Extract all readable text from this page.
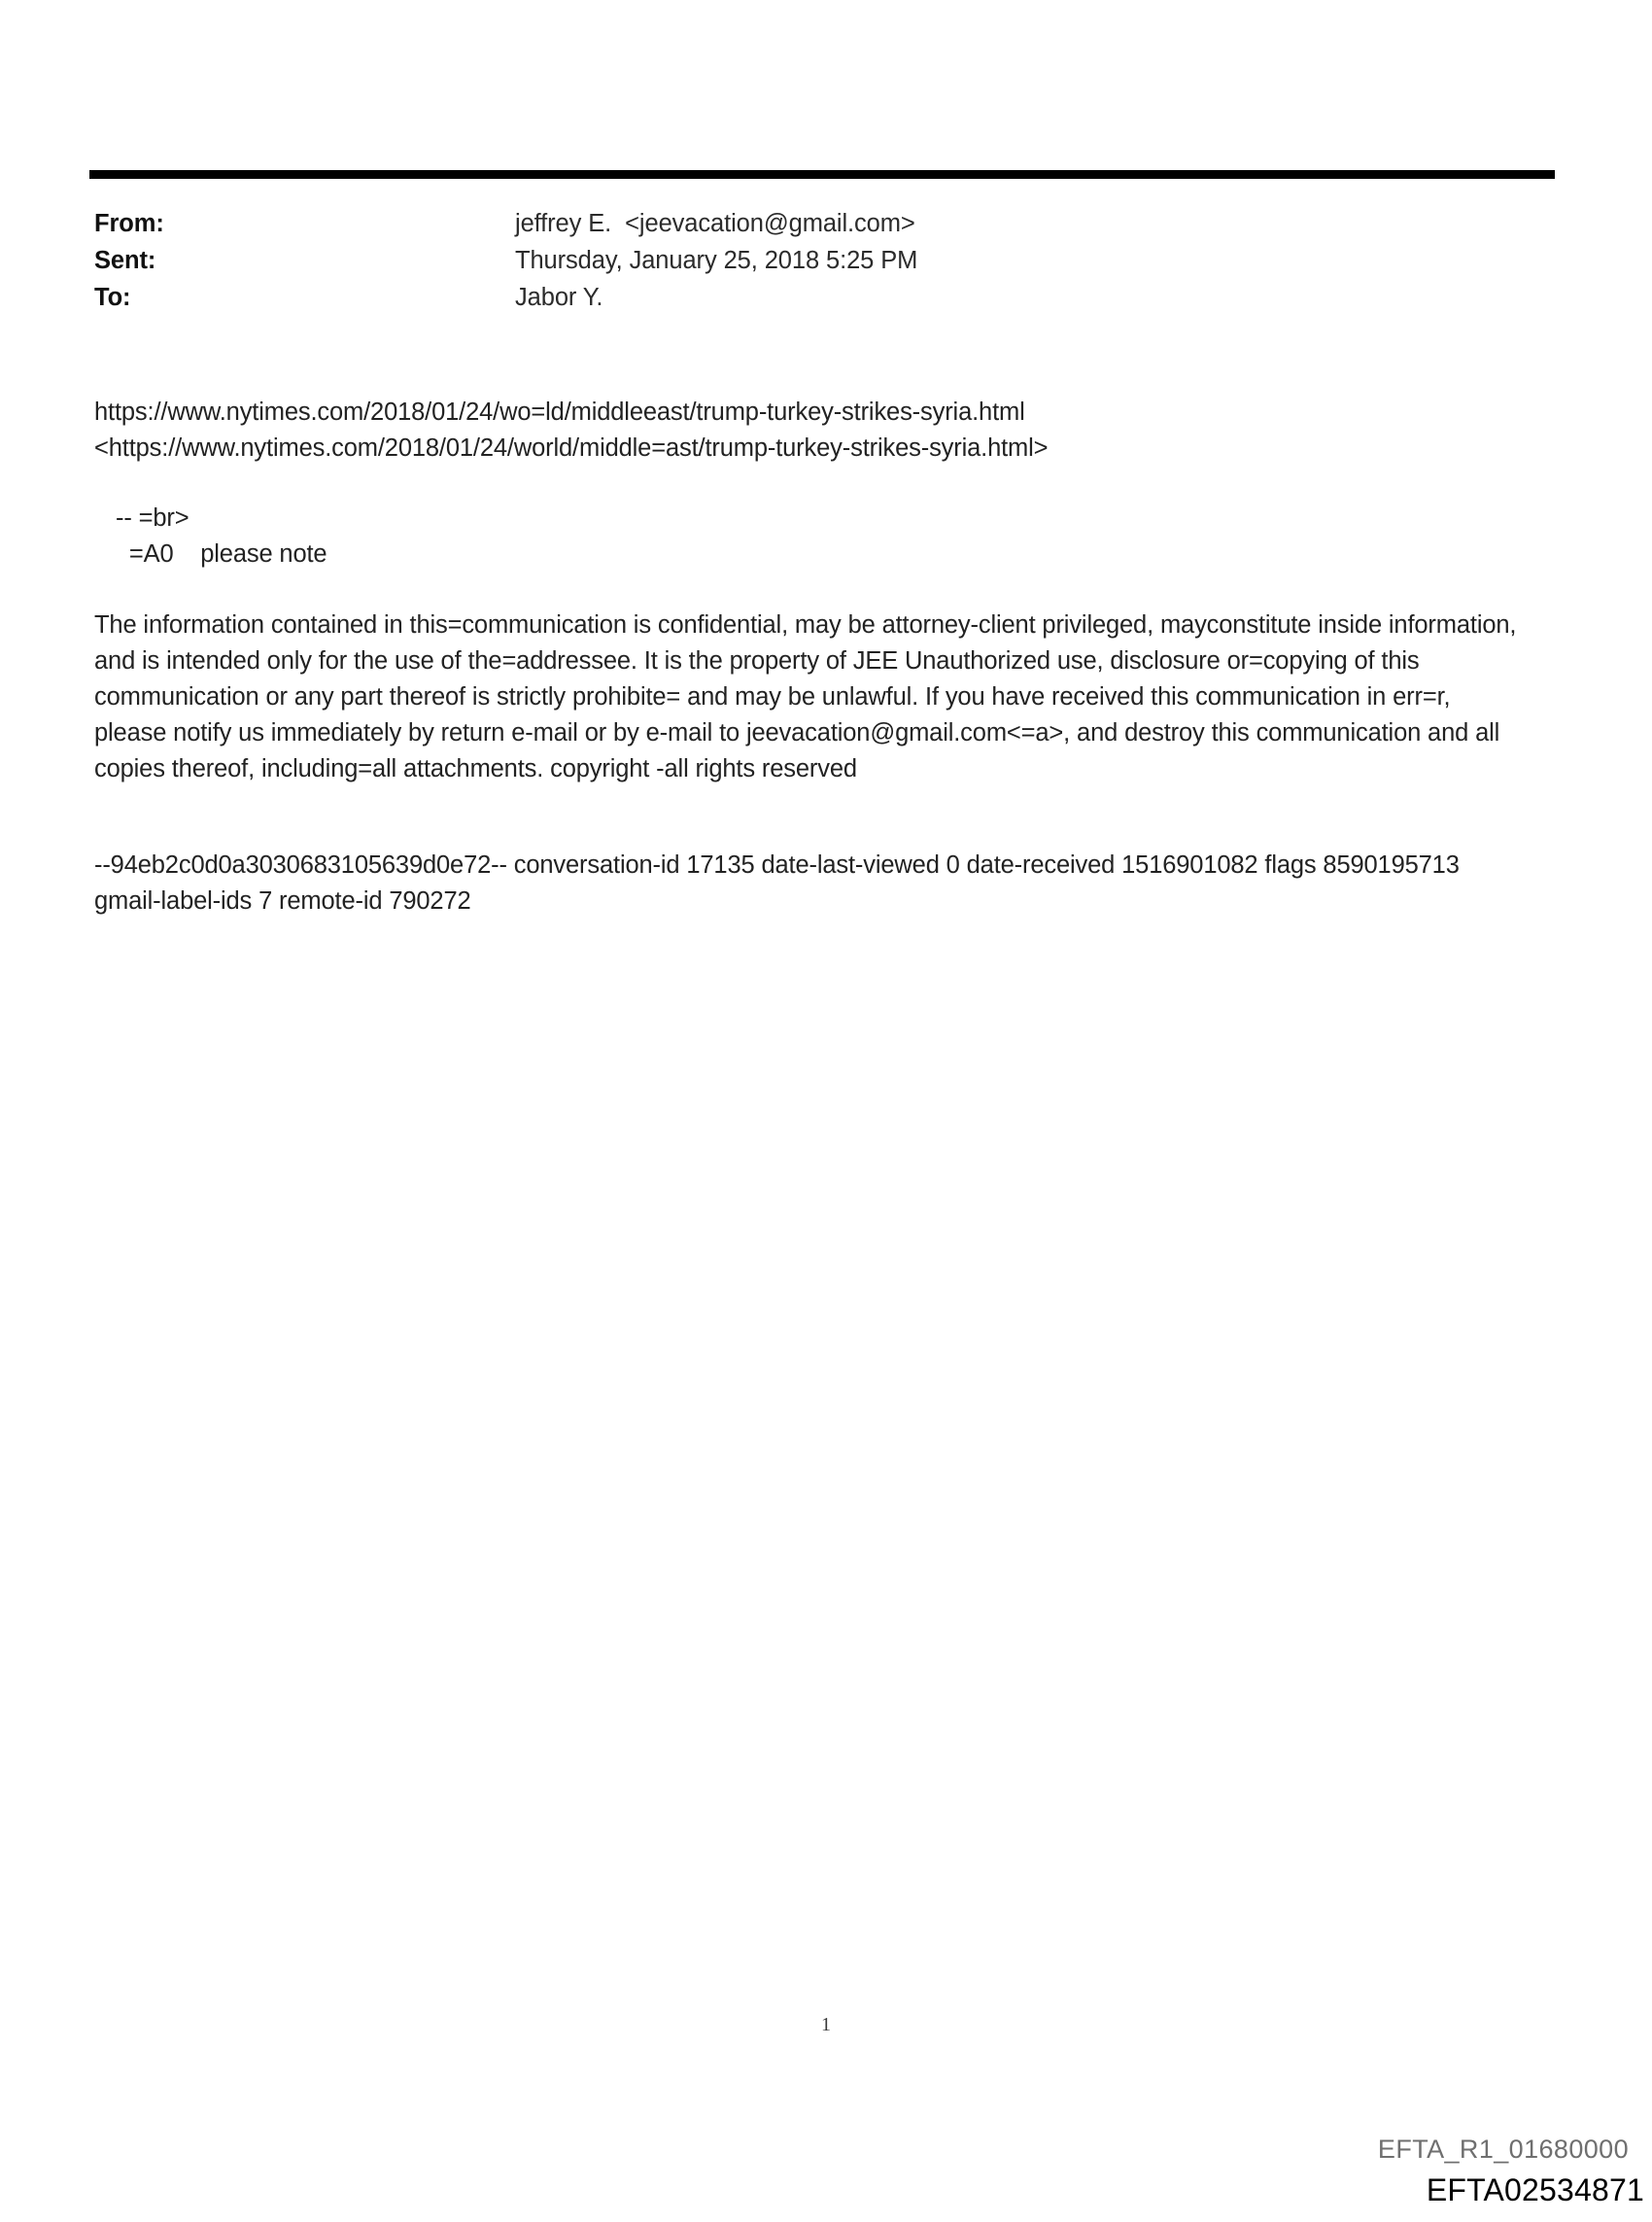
From:	jeffrey E.  <jeevacation@gmail.com>
Sent:	Thursday, January 25, 2018 5:25 PM
To:	Jabor Y.
https://www.nytimes.com/2018/01/24/wo=ld/middleeast/trump-turkey-strikes-syria.html
<https://www.nytimes.com/2018/01/24/world/middle=ast/trump-turkey-strikes-syria.html>
-- =br>
=A0    please note
The information contained in this=communication is confidential, may be attorney-client privileged, mayconstitute inside information, and is intended only for the use of the=addressee. It is the property of JEE Unauthorized use, disclosure or=copying of this communication or any part thereof is strictly prohibite= and may be unlawful. If you have received this communication in err=r, please notify us immediately by return e-mail or by e-mail to jeevacation@gmail.com<=a>, and destroy this communication and all copies thereof, including=all attachments. copyright -all rights reserved
--94eb2c0d0a3030683105639d0e72-- conversation-id 17135 date-last-viewed 0 date-received 1516901082 flags 8590195713 gmail-label-ids 7 remote-id 790272
1
EFTA_R1_01680000
EFTA02534871
